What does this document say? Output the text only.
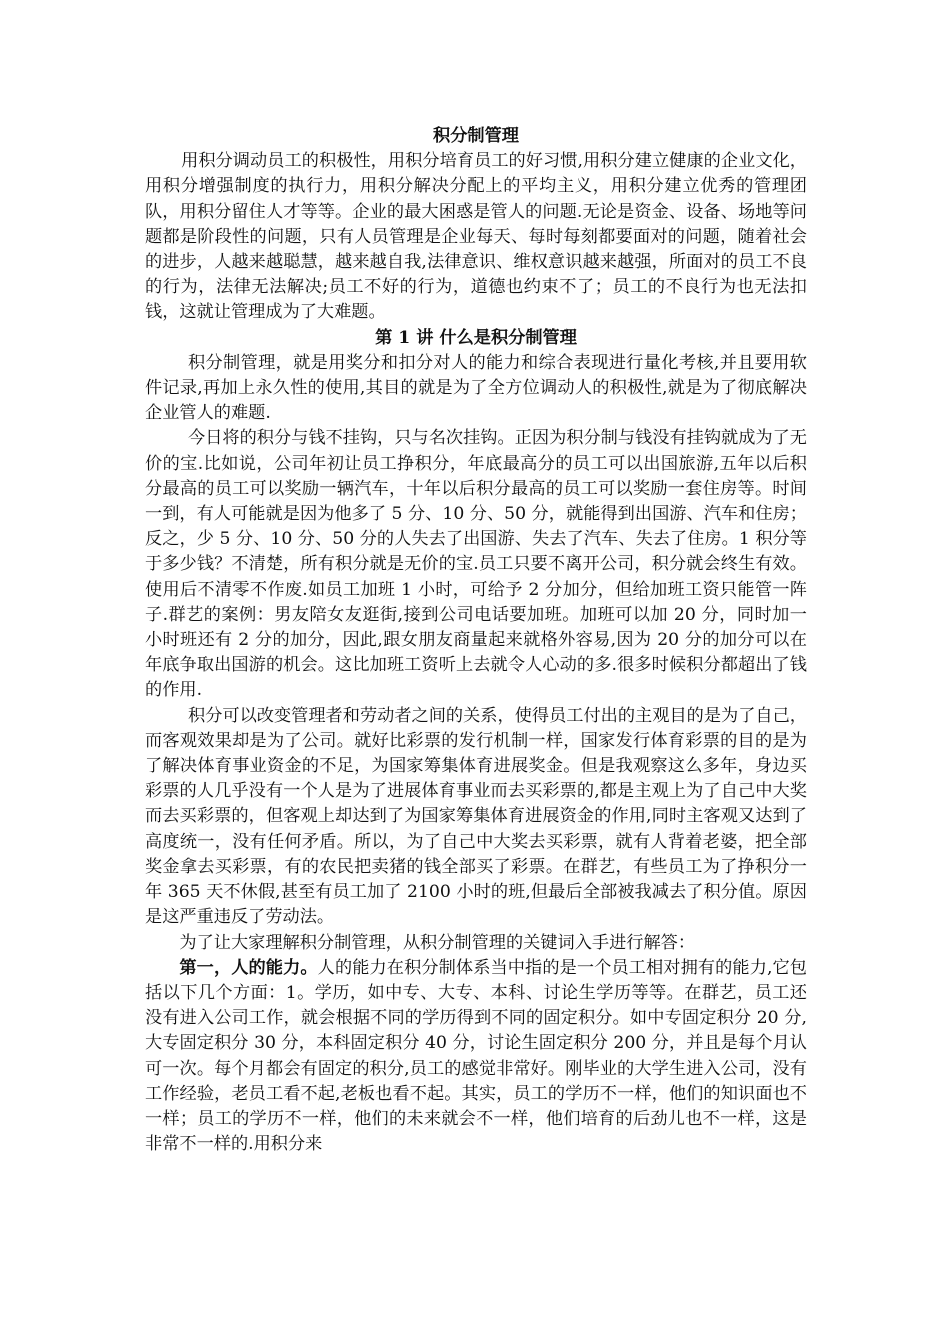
积分制管理

用积分调动员工的积极性，用积分培育员工的好习惯,用积分建立健康的企业文化，用积分增强制度的执行力，用积分解决分配上的平均主义，用积分建立优秀的管理团队，用积分留住人才等等。企业的最大困惑是管人的问题.无论是资金、设备、场地等问题都是阶段性的问题，只有人员管理是企业每天、每时每刻都要面对的问题，随着社会的进步，人越来越聪慧，越来越自我,法律意识、维权意识越来越强，所面对的员工不良的行为，法律无法解决;员工不好的行为，道德也约束不了；员工的不良行为也无法扣钱，这就让管理成为了大难题。

第 1 讲 什么是积分制管理

积分制管理，就是用奖分和扣分对人的能力和综合表现进行量化考核,并且要用软件记录,再加上永久性的使用,其目的就是为了全方位调动人的积极性,就是为了彻底解决企业管人的难题.

今日将的积分与钱不挂钩，只与名次挂钩。正因为积分制与钱没有挂钩就成为了无价的宝.比如说，公司年初让员工挣积分，年底最高分的员工可以出国旅游,五年以后积分最高的员工可以奖励一辆汽车，十年以后积分最高的员工可以奖励一套住房等。时间一到，有人可能就是因为他多了 5 分、10 分、50 分，就能得到出国游、汽车和住房；反之，少 5 分、10 分、50 分的人失去了出国游、失去了汽车、失去了住房。1 积分等于多少钱？不清楚，所有积分就是无价的宝.员工只要不离开公司，积分就会终生有效。使用后不清零不作废.如员工加班 1 小时，可给予 2 分加分，但给加班工资只能管一阵子.群艺的案例：男友陪女友逛街,接到公司电话要加班。加班可以加 20 分，同时加一小时班还有 2 分的加分，因此,跟女朋友商量起来就格外容易,因为 20 分的加分可以在年底争取出国游的机会。这比加班工资听上去就令人心动的多.很多时候积分都超出了钱的作用.

积分可以改变管理者和劳动者之间的关系，使得员工付出的主观目的是为了自己，而客观效果却是为了公司。就好比彩票的发行机制一样，国家发行体育彩票的目的是为了解决体育事业资金的不足，为国家筹集体育进展奖金。但是我观察这么多年，身边买彩票的人几乎没有一个人是为了进展体育事业而去买彩票的,都是主观上为了自己中大奖而去买彩票的，但客观上却达到了为国家筹集体育进展资金的作用,同时主客观又达到了高度统一，没有任何矛盾。所以，为了自己中大奖去买彩票，就有人背着老婆，把全部奖金拿去买彩票，有的农民把卖猪的钱全部买了彩票。在群艺，有些员工为了挣积分一年 365 天不休假,甚至有员工加了 2100 小时的班,但最后全部被我减去了积分值。原因是这严重违反了劳动法。

为了让大家理解积分制管理，从积分制管理的关键词入手进行解答：

第一，人的能力。人的能力在积分制体系当中指的是一个员工相对拥有的能力,它包括以下几个方面：1。学历，如中专、大专、本科、讨论生学历等等。在群艺，员工还没有进入公司工作，就会根据不同的学历得到不同的固定积分。如中专固定积分 20 分,大专固定积分 30 分，本科固定积分 40 分，讨论生固定积分 200 分，并且是每个月认可一次。每个月都会有固定的积分,员工的感觉非常好。刚毕业的大学生进入公司，没有工作经验，老员工看不起,老板也看不起。其实，员工的学历不一样，他们的知识面也不一样；员工的学历不一样，他们的未来就会不一样，他们培育的后劲儿也不一样，这是非常不一样的.用积分来
